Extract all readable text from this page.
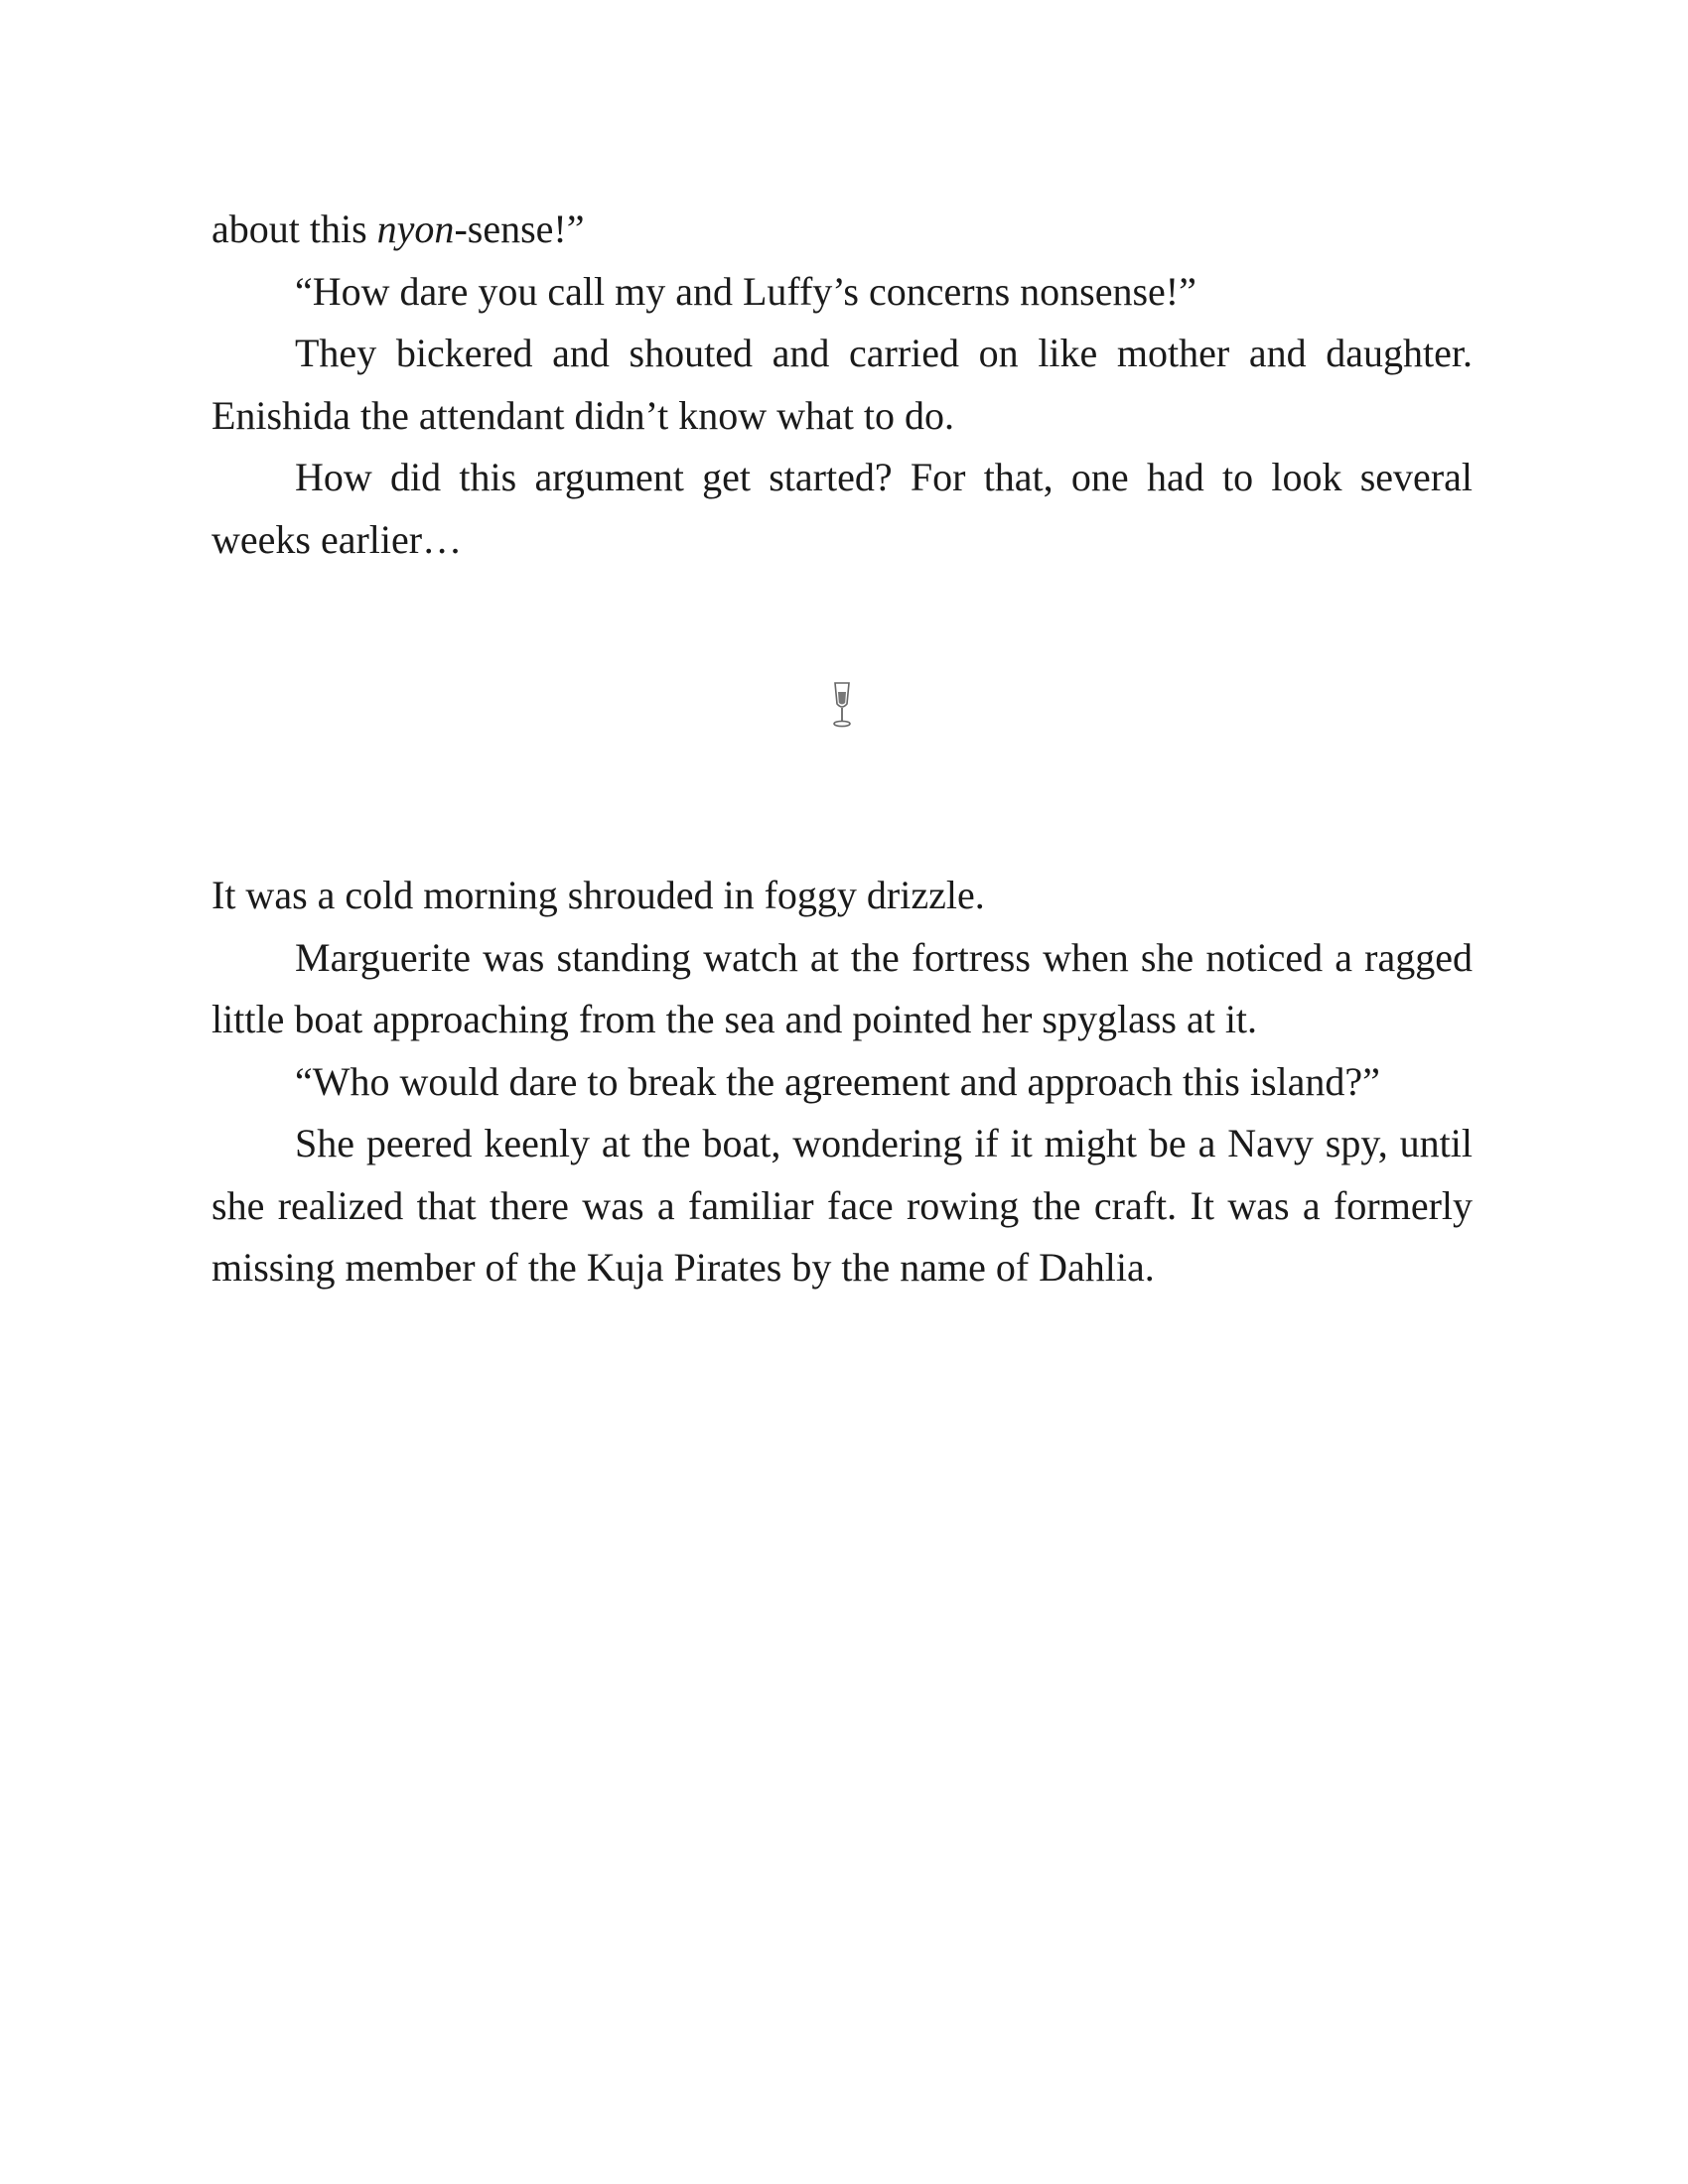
about this nyon-sense!”

“How dare you call my and Luffy’s concerns nonsense!”

They bickered and shouted and carried on like mother and daughter. Enishida the attendant didn’t know what to do.

How did this argument get started? For that, one had to look several weeks earlier…

It was a cold morning shrouded in foggy drizzle.

Marguerite was standing watch at the fortress when she noticed a ragged little boat approaching from the sea and pointed her spyglass at it.

“Who would dare to break the agreement and approach this island?”

She peered keenly at the boat, wondering if it might be a Navy spy, until she realized that there was a familiar face rowing the craft. It was a formerly missing member of the Kuja Pirates by the name of Dahlia.
